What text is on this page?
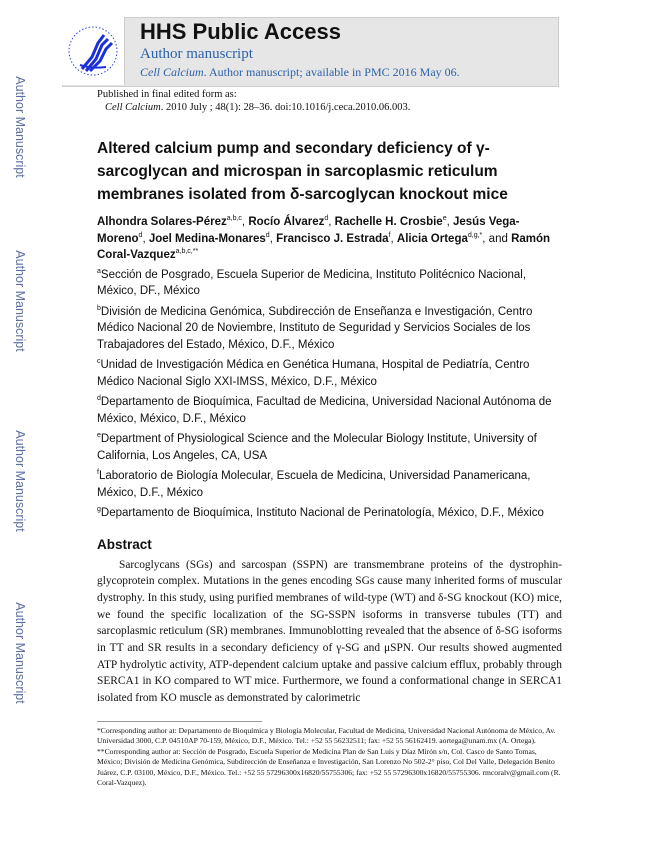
Author Manuscript
Author Manuscript
Author Manuscript
Author Manuscript
HHS Public Access
Author manuscript
Cell Calcium. Author manuscript; available in PMC 2016 May 06.
Published in final edited form as:
Cell Calcium. 2010 July ; 48(1): 28–36. doi:10.1016/j.ceca.2010.06.003.
Altered calcium pump and secondary deficiency of γ-sarcoglycan and microspan in sarcoplasmic reticulum membranes isolated from δ-sarcoglycan knockout mice
Alhondra Solares-Pérez$^{a,b,c}$, Rocío Álvarez$^d$, Rachelle H. Crosbie$^e$, Jesús Vega-Moreno$^d$, Joel Medina-Monares$^d$, Francisco J. Estrada$^f$, Alicia Ortega$^{d,g,*}$, and Ramón Coral-Vazquez$^{a,b,c,**}$
$^a$Sección de Posgrado, Escuela Superior de Medicina, Instituto Politécnico Nacional, México, DF., México
$^b$División de Medicina Genómica, Subdirección de Enseñanza e Investigación, Centro Médico Nacional 20 de Noviembre, Instituto de Seguridad y Servicios Sociales de los Trabajadores del Estado, México, D.F., México
$^c$Unidad de Investigación Médica en Genética Humana, Hospital de Pediatría, Centro Médico Nacional Siglo XXI-IMSS, México, D.F., México
$^d$Departamento de Bioquímica, Facultad de Medicina, Universidad Nacional Autónoma de México, México, D.F., México
$^e$Department of Physiological Science and the Molecular Biology Institute, University of California, Los Angeles, CA, USA
$^f$Laboratorio de Biología Molecular, Escuela de Medicina, Universidad Panamericana, México, D.F., México
$^g$Departamento de Bioquímica, Instituto Nacional de Perinatología, México, D.F., México
Abstract
Sarcoglycans (SGs) and sarcospan (SSPN) are transmembrane proteins of the dystrophin-glycoprotein complex. Mutations in the genes encoding SGs cause many inherited forms of muscular dystrophy. In this study, using purified membranes of wild-type (WT) and δ-SG knockout (KO) mice, we found the specific localization of the SG-SSPN isoforms in transverse tubules (TT) and sarcoplasmic reticulum (SR) membranes. Immunoblotting revealed that the absence of δ-SG isoforms in TT and SR results in a secondary deficiency of γ-SG and μSPN. Our results showed augmented ATP hydrolytic activity, ATP-dependent calcium uptake and passive calcium efflux, probably through SERCA1 in KO compared to WT mice. Furthermore, we found a conformational change in SERCA1 isolated from KO muscle as demonstrated by calorimetric
*Corresponding author at: Departamento de Bioquímica y Biología Molecular, Facultad de Medicina, Universidad Nacional Autónoma de México, Av. Universidad 3000, C.P. 04510AP 70-159, México, D.F., México. Tel.: +52 55 56232511; fax: +52 55 56162419. aortega@unam.mx (A. Ortega). **Corresponding author at: Sección de Posgrado, Escuela Superior de Medicina Plan de San Luis y Díaz Mirón s/n, Col. Casco de Santo Tomas, México; División de Medicina Genómica, Subdirección de Enseñanza e Investigación, San Lorenzo No 502-2° piso, Col Del Valle, Delegación Benito Juárez, C.P. 03100, México, D.F., México. Tel.: +52 55 57296300x16820/55755306; fax: +52 55 57296300x16820/55755306. rmcoralv@gmail.com (R. Coral-Vazquez).
